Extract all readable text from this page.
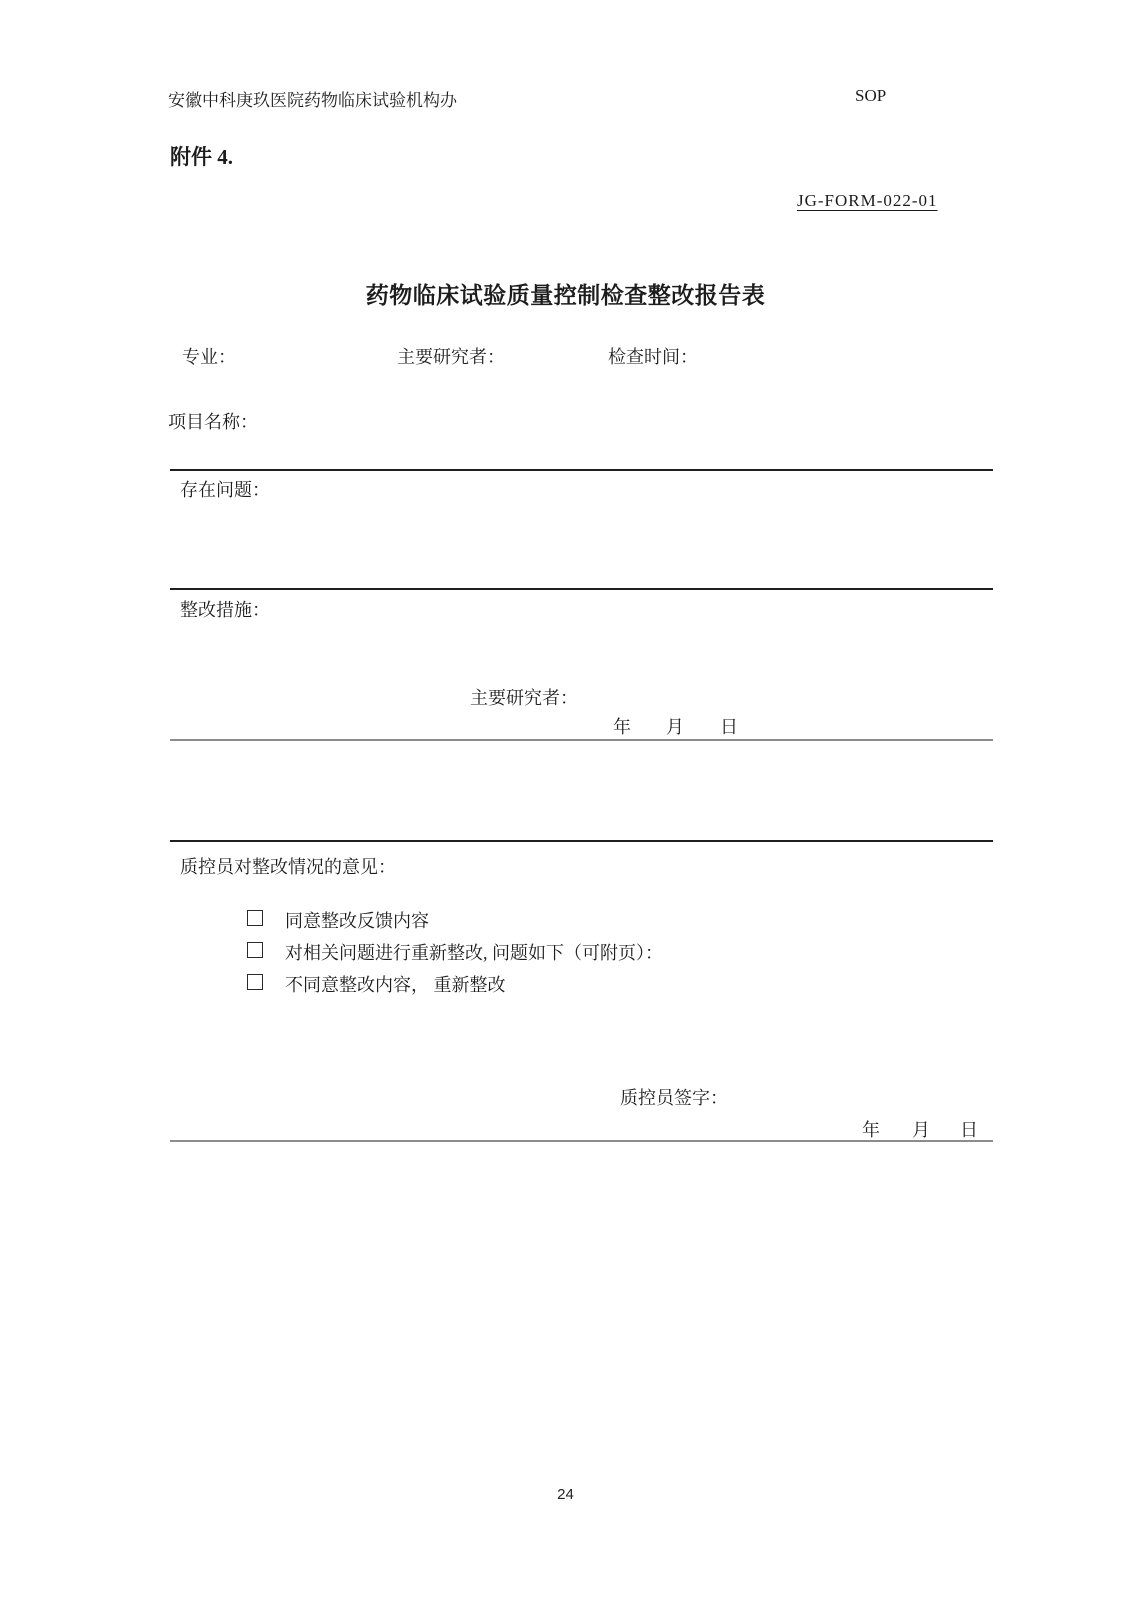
安徽中科庚玖医院药物临床试验机构办	SOP
附件 4.
JG-FORM-022-01
药物临床试验质量控制检查整改报告表
专业：	主要研究者：	检查时间：
项目名称：
存在问题：
整改措施：
主要研究者：
年 月 日
质控员对整改情况的意见：
同意整改反馈内容
对相关问题进行重新整改, 问题如下（可附页）：
不同意整改内容， 重新整改
质控员签字：
年 月 日
24
